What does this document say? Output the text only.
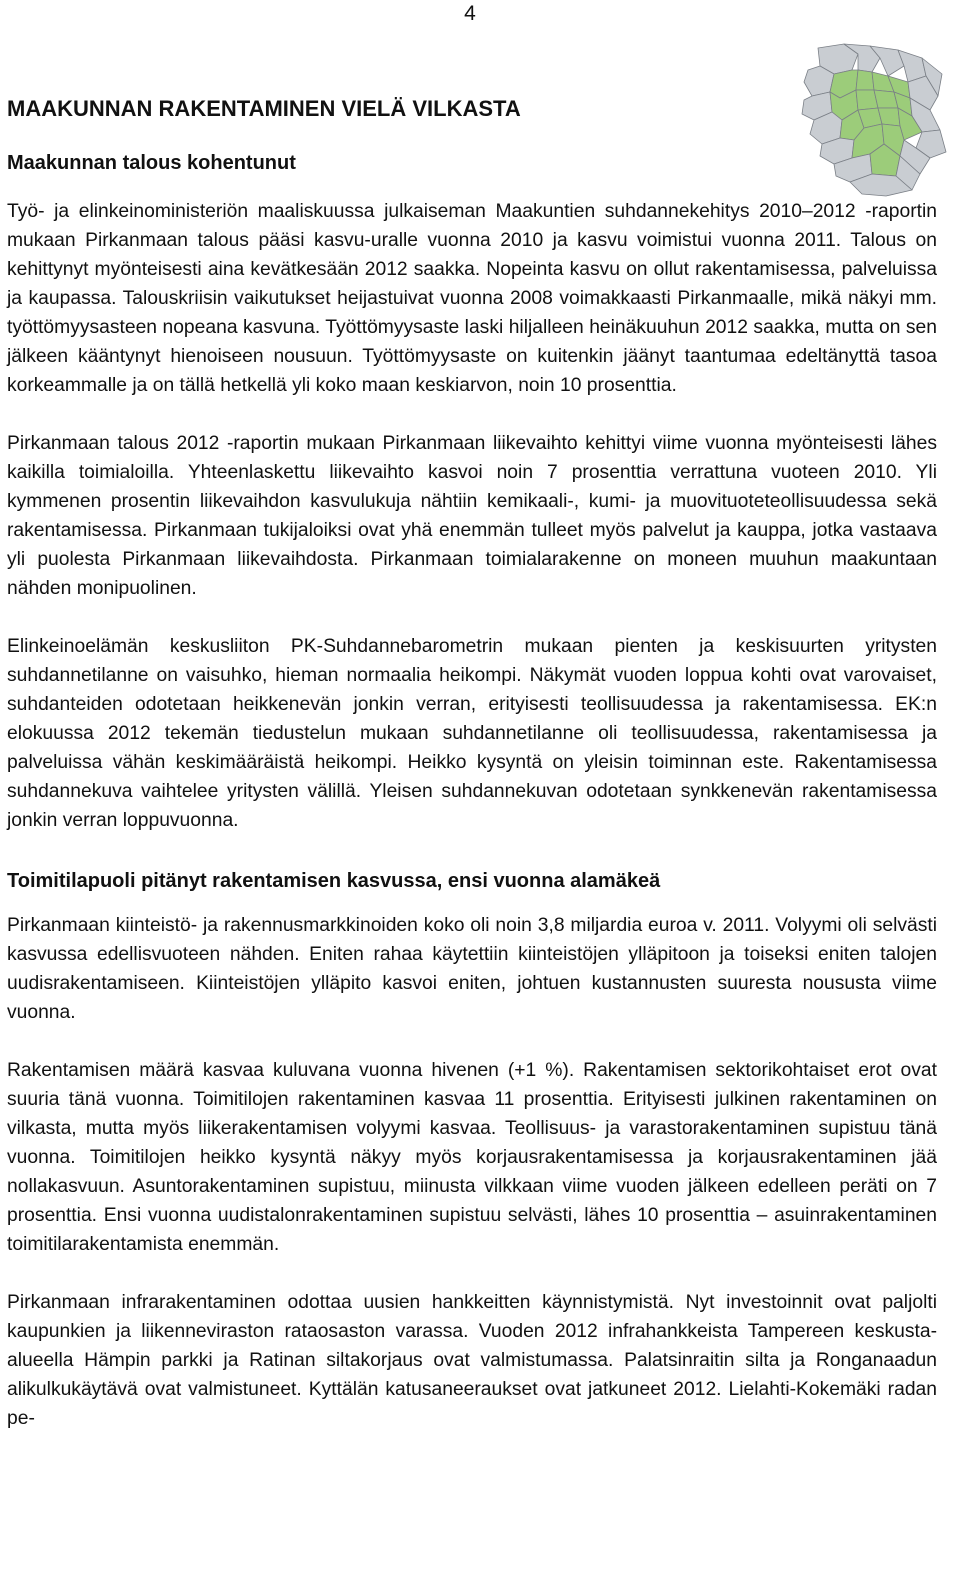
4
MAAKUNNAN RAKENTAMINEN VIELÄ VILKASTA
Maakunnan talous kohentunut

Työ- ja elinkeinoministeriön maaliskuussa julkaiseman Maakuntien suhdannekehitys 2010–2012 -raportin mukaan Pirkanmaan talous pääsi kasvu-uralle vuonna 2010 ja kasvu voimistui vuonna 2011. Talous on kehittynyt myönteisesti aina kevätkesään 2012 saakka. Nopeinta kasvu on ollut rakentamisessa, palveluissa ja kaupassa. Talouskriisin vaikutukset heijastuivat vuonna 2008 voimakkaasti Pirkanmaalle, mikä näkyi mm. työttömyysasteen nopeana kasvuna. Työttömyysaste laski hiljalleen heinäkuuhun 2012 saakka, mutta on sen jälkeen kääntynyt hienoiseen nousuun. Työttömyysaste on kuitenkin jäänyt taantumaa edeltänyttä tasoa korkeammalle ja on tällä hetkellä yli koko maan keskiarvon, noin 10 prosenttia.

Pirkanmaan talous 2012 -raportin mukaan Pirkanmaan liikevaihto kehittyi viime vuonna myönteisesti lähes kaikilla toimialoilla. Yhteenlaskettu liikevaihto kasvoi noin 7 prosenttia verrattuna vuoteen 2010. Yli kymmenen prosentin liikevaihdon kasvulukuja nähtiin kemikaali-, kumi- ja muovituoteteollisuudessa sekä rakentamisessa. Pirkanmaan tukijaloiksi ovat yhä enemmän tulleet myös palvelut ja kauppa, jotka vastaava yli puolesta Pirkanmaan liikevaihdosta. Pirkanmaan toimialarakenne on moneen muuhun maakuntaan nähden monipuolinen.

Elinkeinoelämän keskusliiton PK-Suhdannebarometrin mukaan pienten ja keskisuurten yritysten suhdannetilanne on vaisuhko, hieman normaalia heikompi. Näkymät vuoden loppua kohti ovat varovaiset, suhdanteiden odotetaan heikkenevän jonkin verran, erityisesti teollisuudessa ja rakentamisessa. EK:n elokuussa 2012 tekemän tiedustelun mukaan suhdannetilanne oli teollisuudessa, rakentamisessa ja palveluissa vähän keskimääräistä heikompi. Heikko kysyntä on yleisin toiminnan este. Rakentamisessa suhdannekuva vaihtelee yritysten välillä. Yleisen suhdannekuvan odotetaan synkkenevän rakentamisessa jonkin verran loppuvuonna.

Toimitilapuoli pitänyt rakentamisen kasvussa, ensi vuonna alamäkeä

Pirkanmaan kiinteistö- ja rakennusmarkkinoiden koko oli noin 3,8 miljardia euroa v. 2011. Volyymi oli selvästi kasvussa edellisvuoteen nähden. Eniten rahaa käytettiin kiinteistöjen ylläpitoon ja toiseksi eniten talojen uudisrakentamiseen. Kiinteistöjen ylläpito kasvoi eniten, johtuen kustannusten suuresta noususta viime vuonna.

Rakentamisen määrä kasvaa kuluvana vuonna hivenen (+1 %). Rakentamisen sektorikohtaiset erot ovat suuria tänä vuonna. Toimitilojen rakentaminen kasvaa 11 prosenttia. Erityisesti julkinen rakentaminen on vilkasta, mutta myös liikerakentamisen volyymi kasvaa. Teollisuus- ja varastorakentaminen supistuu tänä vuonna. Toimitilojen heikko kysyntä näkyy myös korjausrakentamisessa ja korjausrakentaminen jää nollakasvuun. Asuntorakentaminen supistuu, miinusta vilkkaan viime vuoden jälkeen edelleen peräti on 7 prosenttia. Ensi vuonna uudistalonrakentaminen supistuu selvästi, lähes 10 prosenttia – asuinrakentaminen toimitilarakentamista enemmän.

Pirkanmaan infrarakentaminen odottaa uusien hankkeitten käynnistymistä. Nyt investoinnit ovat paljolti kaupunkien ja liikenneviraston rataosaston varassa. Vuoden 2012 infrahankkeista Tampereen keskusta-alueella Hämpin parkki ja Ratinan siltakorjaus ovat valmistumassa. Palatsinraitin silta ja Ronganaadun alikulkukäytävä ovat valmistuneet. Kyttälän katusaneeraukset ovat jatkuneet 2012. Lielahti-Kokemäki radan pe-
